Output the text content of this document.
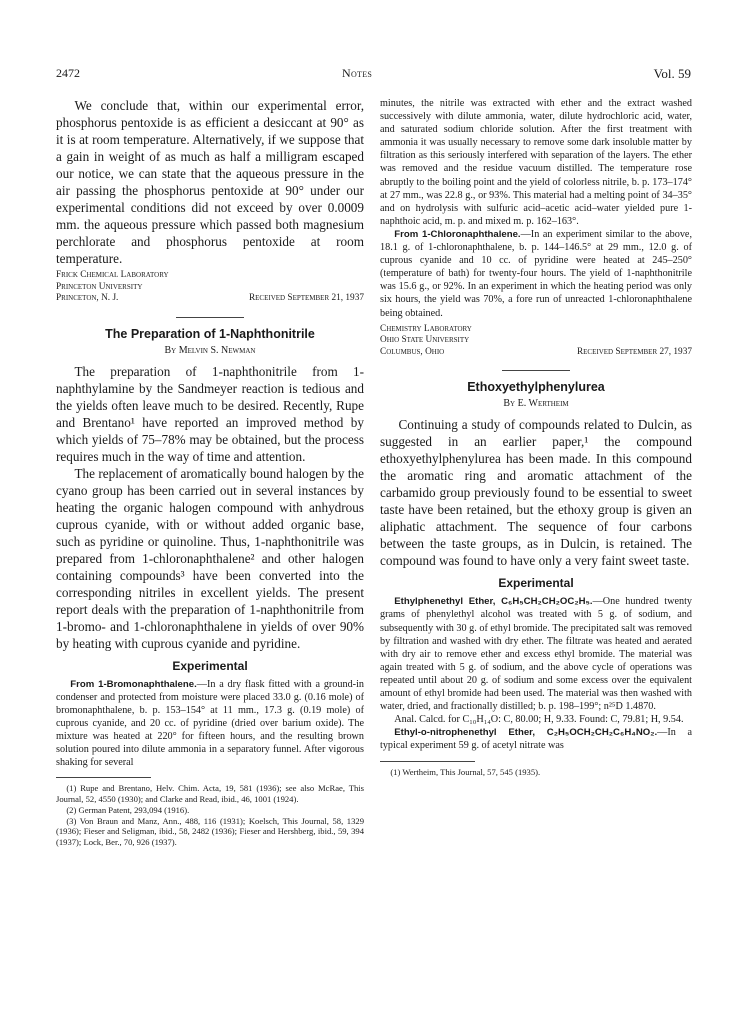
2472	Notes	Vol. 59

We conclude that, within our experimental error, phosphorus pentoxide is as efficient a desiccant at 90° as it is at room temperature. Alternatively, if we suppose that a gain in weight of as much as half a milligram escaped our notice, we can state that the aqueous pressure in the air passing the phosphorus pentoxide at 90° under our experimental conditions did not exceed by over 0.0009 mm. the aqueous pressure which passed both magnesium perchlorate and phosphorus pentoxide at room temperature.

Frick Chemical Laboratory
Princeton University
Princeton, N. J.	Received September 21, 1937
The Preparation of 1-Naphthonitrile

By Melvin S. Newman

The preparation of 1-naphthonitrile from 1-naphthylamine by the Sandmeyer reaction is tedious and the yields often leave much to be desired. Recently, Rupe and Brentano¹ have reported an improved method by which yields of 75–78% may be obtained, but the process requires much in the way of time and attention.

The replacement of aromatically bound halogen by the cyano group has been carried out in several instances by heating the organic halogen compound with anhydrous cuprous cyanide, with or without added organic base, such as pyridine or quinoline. Thus, 1-naphthonitrile was prepared from 1-chloronaphthalene² and other halogen containing compounds³ have been converted into the corresponding nitriles in excellent yields. The present report deals with the preparation of 1-naphthonitrile from 1-bromo- and 1-chloronaphthalene in yields of over 90% by heating with cuprous cyanide and pyridine.

Experimental

From 1-Bromonaphthalene.—In a dry flask fitted with a ground-in condenser and protected from moisture were placed 33.0 g. (0.16 mole) of bromonaphthalene, b. p. 153–154° at 11 mm., 17.3 g. (0.19 mole) of cuprous cyanide, and 20 cc. of pyridine (dried over barium oxide). The mixture was heated at 220° for fifteen hours, and the resulting brown solution poured into dilute ammonia in a separatory funnel. After vigorous shaking for several

(1) Rupe and Brentano, Helv. Chim. Acta, 19, 581 (1936); see also McRae, This Journal, 52, 4550 (1930); and Clarke and Read, ibid., 46, 1001 (1924).

(2) German Patent, 293,094 (1916).

(3) Von Braun and Manz, Ann., 488, 116 (1931); Koelsch, This Journal, 58, 1329 (1936); Fieser and Seligman, ibid., 58, 2482 (1936); Fieser and Hershberg, ibid., 59, 394 (1937); Lock, Ber., 70, 926 (1937).

minutes, the nitrile was extracted with ether and the extract washed successively with dilute ammonia, water, dilute hydrochloric acid, water, and saturated sodium chloride solution. After the first treatment with ammonia it was usually necessary to remove some dark insoluble matter by filtration as this seriously interfered with separation of the layers. The ether was removed and the residue vacuum distilled. The temperature rose abruptly to the boiling point and the yield of colorless nitrile, b. p. 173–174° at 27 mm., was 22.8 g., or 93%. This material had a melting point of 34–35° and on hydrolysis with sulfuric acid–acetic acid–water yielded pure 1-naphthoic acid, m. p. and mixed m. p. 162–163°.

From 1-Chloronaphthalene.—In an experiment similar to the above, 18.1 g. of 1-chloronaphthalene, b. p. 144–146.5° at 29 mm., 12.0 g. of cuprous cyanide and 10 cc. of pyridine were heated at 245–250° (temperature of bath) for twenty-four hours. The yield of 1-naphthonitrile was 15.6 g., or 92%. In an experiment in which the heating period was only six hours, the yield was 70%, a fore run of unreacted 1-chloronaphthalene being obtained.

Chemistry Laboratory
Ohio State University
Columbus, Ohio	Received September 27, 1937
Ethoxyethylphenylurea

By E. Wertheim

Continuing a study of compounds related to Dulcin, as suggested in an earlier paper,¹ the compound ethoxyethylphenylurea has been made. In this compound the aromatic ring and aromatic attachment of the carbamido group previously found to be essential to sweet taste have been retained, but the ethoxy group is given an aliphatic attachment. The sequence of four carbons between the taste groups, as in Dulcin, is retained. The compound was found to have only a very faint sweet taste.

Experimental

Ethylphenethyl Ether, C₆H₅CH₂CH₂OC₂H₅.—One hundred twenty grams of phenylethyl alcohol was treated with 5 g. of sodium, and subsequently with 30 g. of ethyl bromide. The precipitated salt was removed by filtration and washed with dry ether. The filtrate was heated and aerated with dry air to remove ether and excess ethyl bromide. The material was again treated with 5 g. of sodium, and the above cycle of operations was repeated until about 20 g. of sodium and some excess over the equivalent amount of ethyl bromide had been used. The material was then washed with water, dried, and fractionally distilled; b. p. 198–199°; n²⁵D 1.4870.

Anal. Calcd. for C₁₀H₁₄O: C, 80.00; H, 9.33. Found: C, 79.81; H, 9.54.

Ethyl-o-nitrophenethyl Ether, C₂H₅OCH₂CH₂C₆H₄NO₂.—In a typical experiment 59 g. of acetyl nitrate was

(1) Wertheim, This Journal, 57, 545 (1935).
